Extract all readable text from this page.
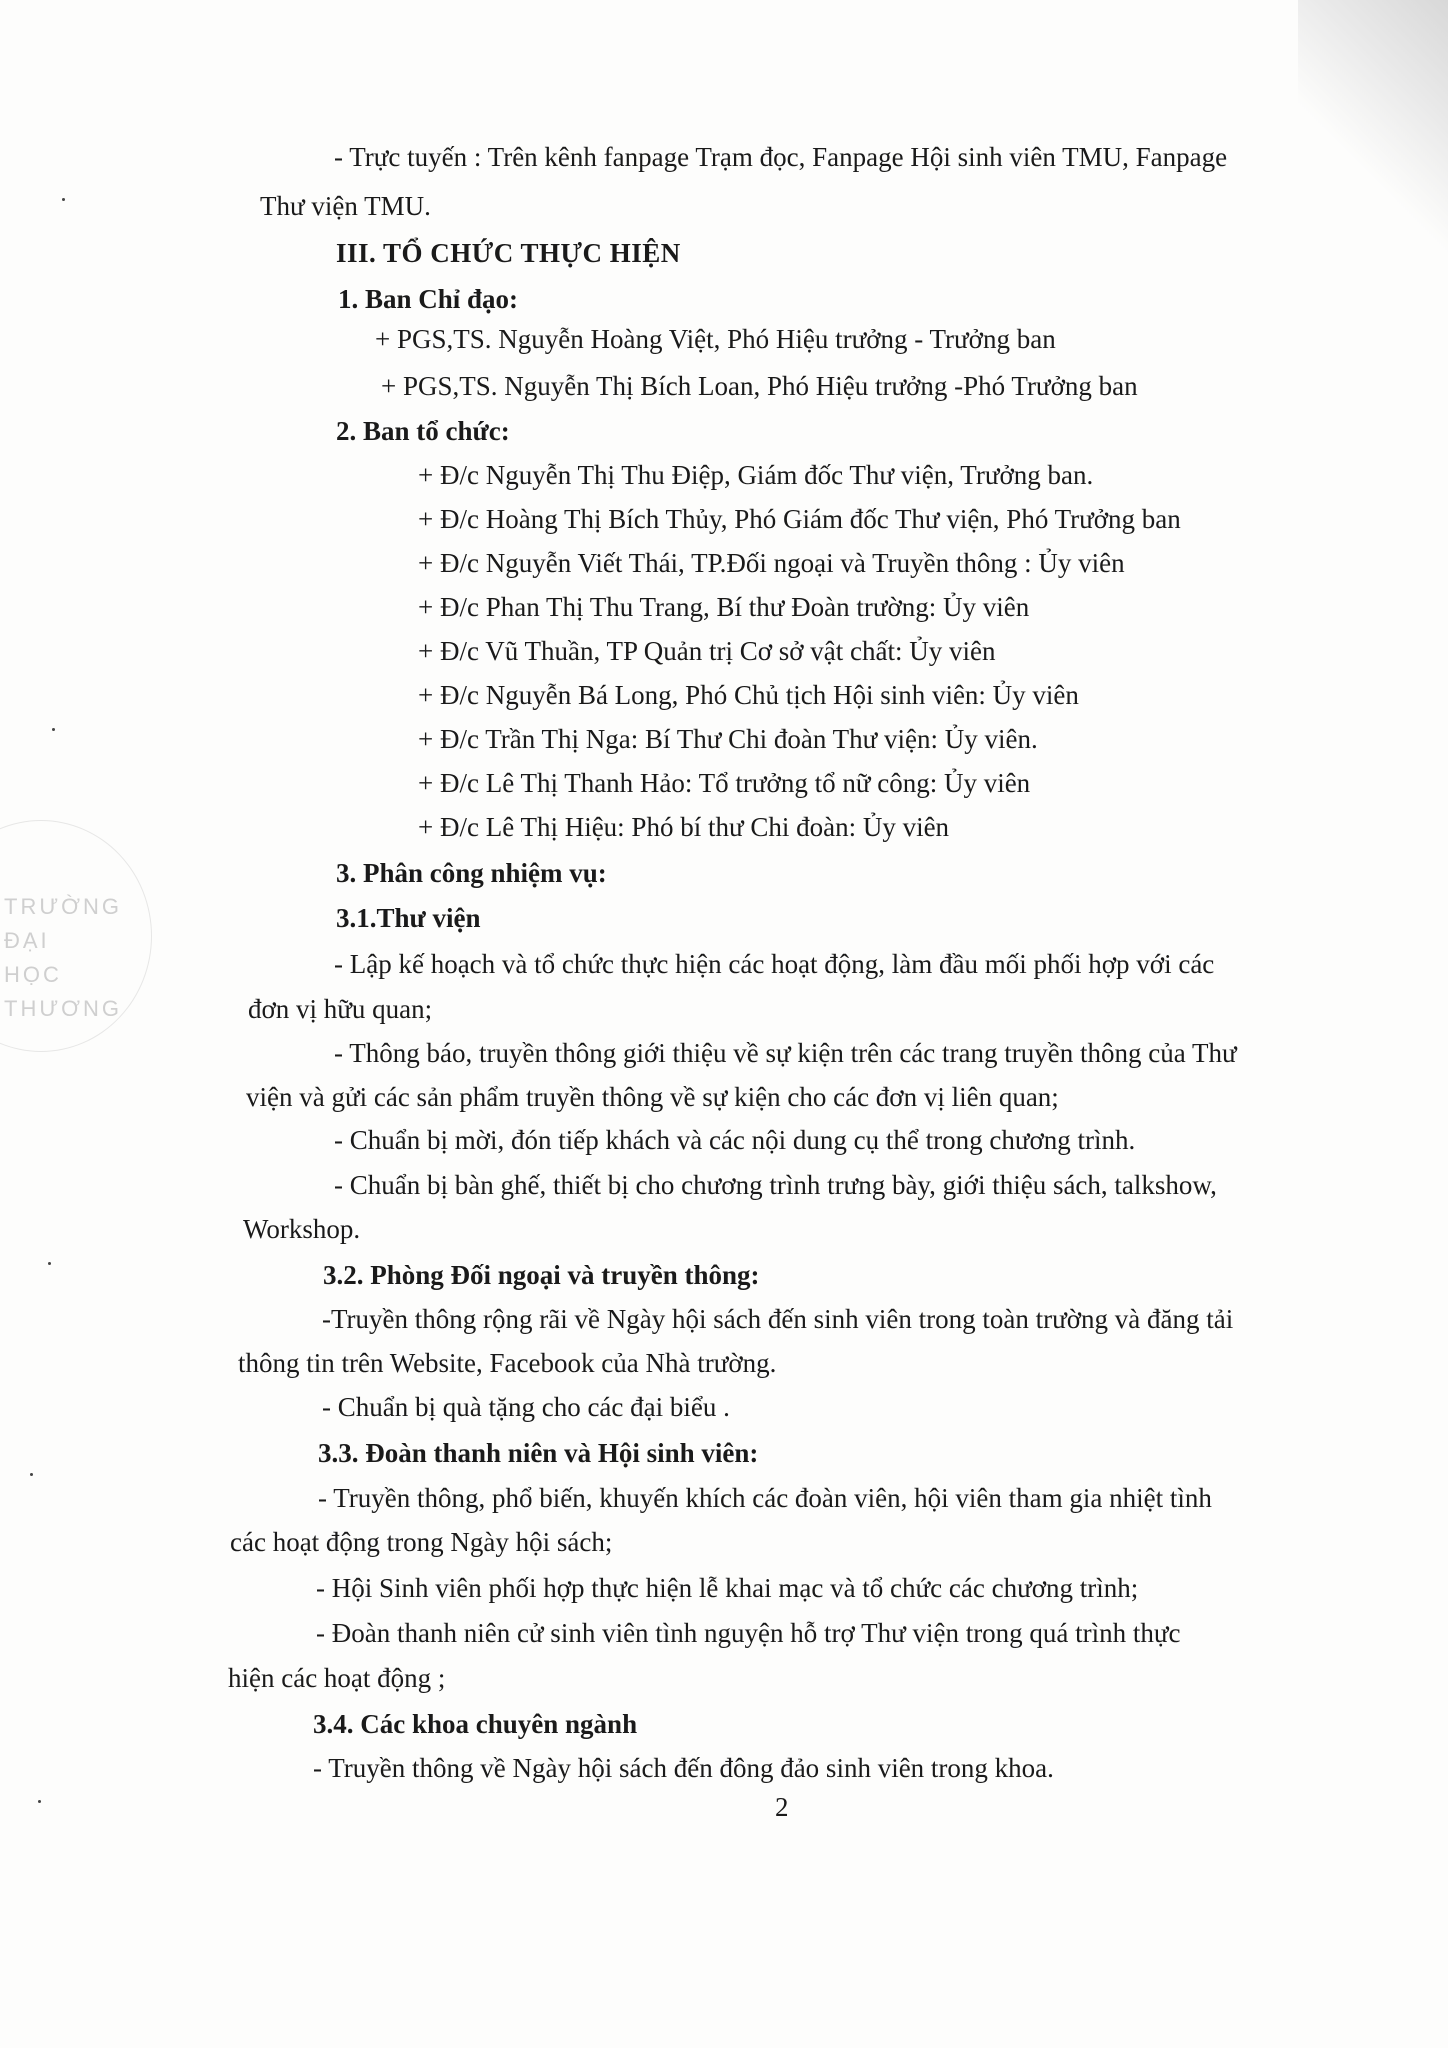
TRƯỜNG
ĐẠI HỌC
THƯƠNG
- Trực tuyến : Trên kênh fanpage Trạm đọc, Fanpage Hội sinh viên TMU, Fanpage
Thư viện TMU.
III. TỔ CHỨC THỰC HIỆN
1. Ban Chỉ đạo:
+ PGS,TS. Nguyễn Hoàng Việt, Phó Hiệu trưởng - Trưởng ban
+ PGS,TS. Nguyễn Thị Bích Loan, Phó Hiệu trưởng -Phó Trưởng ban
2. Ban tổ chức:
+ Đ/c Nguyễn Thị Thu Điệp, Giám đốc Thư viện, Trưởng ban.
+ Đ/c Hoàng Thị Bích Thủy, Phó Giám đốc Thư viện, Phó Trưởng ban
+ Đ/c Nguyễn Viết Thái, TP.Đối ngoại và Truyền thông : Ủy viên
+ Đ/c Phan Thị Thu Trang, Bí thư Đoàn trường: Ủy viên
+ Đ/c Vũ Thuần, TP Quản trị Cơ sở vật chất: Ủy viên
+ Đ/c Nguyễn Bá Long, Phó Chủ tịch Hội sinh viên: Ủy viên
+ Đ/c Trần Thị Nga: Bí Thư Chi đoàn Thư viện: Ủy viên.
+ Đ/c Lê Thị Thanh Hảo: Tổ trưởng tổ nữ công: Ủy viên
+ Đ/c Lê Thị Hiệu: Phó bí thư Chi đoàn: Ủy viên
3. Phân công nhiệm vụ:
3.1.Thư viện
- Lập kế hoạch và tổ chức thực hiện các hoạt động, làm đầu mối phối hợp với các
đơn vị hữu quan;
- Thông báo, truyền thông giới thiệu về sự kiện trên các trang truyền thông của Thư
viện và gửi các sản phẩm truyền thông về sự kiện cho các đơn vị liên quan;
- Chuẩn bị mời, đón tiếp khách và các nội dung cụ thể trong chương trình.
- Chuẩn bị bàn ghế, thiết bị cho chương trình trưng bày, giới thiệu sách, talkshow,
Workshop.
3.2. Phòng Đối ngoại và truyền thông:
-Truyền thông rộng rãi về Ngày hội sách đến sinh viên trong toàn trường và đăng tải
thông tin trên Website, Facebook của Nhà trường.
- Chuẩn bị quà tặng cho các đại biểu .
3.3. Đoàn thanh niên và Hội sinh viên:
- Truyền thông, phổ biến, khuyến khích các đoàn viên, hội viên tham gia nhiệt tình
các hoạt động trong Ngày hội sách;
- Hội Sinh viên phối hợp thực hiện lễ khai mạc và tổ chức các chương trình;
- Đoàn thanh niên cử sinh viên tình nguyện hỗ trợ Thư viện trong quá trình thực
hiện các hoạt động ;
3.4. Các khoa chuyên ngành
- Truyền thông về Ngày hội sách đến đông đảo sinh viên trong khoa.
2
